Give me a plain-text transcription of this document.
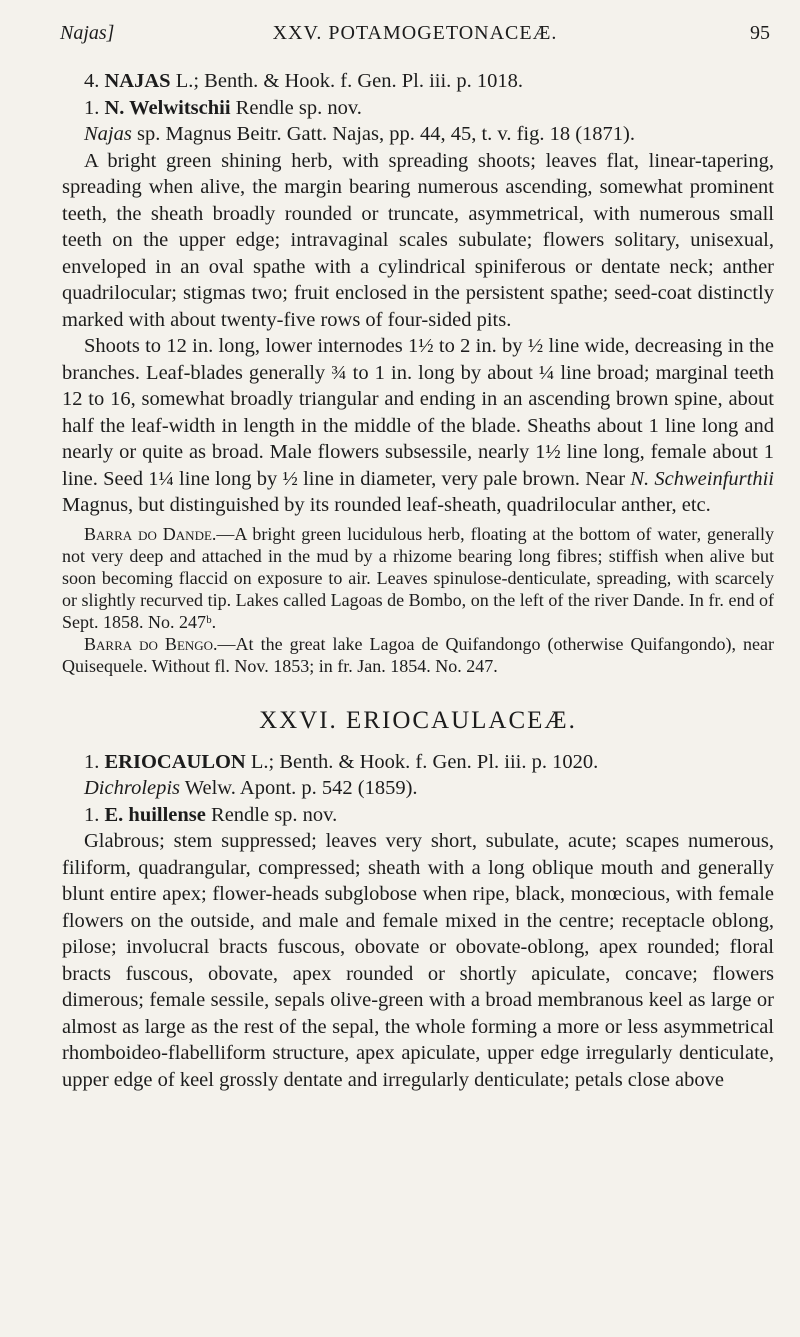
Najas]	XXV. POTAMOGETONACEÆ.	95

4. NAJAS L.; Benth. & Hook. f. Gen. Pl. iii. p. 1018.

1. N. Welwitschii Rendle sp. nov.

Najas sp. Magnus Beitr. Gatt. Najas, pp. 44, 45, t. v. fig. 18 (1871).

A bright green shining herb, with spreading shoots; leaves flat, linear-tapering, spreading when alive, the margin bearing numerous ascending, somewhat prominent teeth, the sheath broadly rounded or truncate, asymmetrical, with numerous small teeth on the upper edge; intravaginal scales subulate; flowers solitary, unisexual, enveloped in an oval spathe with a cylindrical spiniferous or dentate neck; anther quadrilocular; stigmas two; fruit enclosed in the persistent spathe; seed-coat distinctly marked with about twenty-five rows of four-sided pits.

Shoots to 12 in. long, lower internodes 1½ to 2 in. by ½ line wide, decreasing in the branches. Leaf-blades generally ¾ to 1 in. long by about ¼ line broad; marginal teeth 12 to 16, somewhat broadly triangular and ending in an ascending brown spine, about half the leaf-width in length in the middle of the blade. Sheaths about 1 line long and nearly or quite as broad. Male flowers subsessile, nearly 1½ line long, female about 1 line. Seed 1¼ line long by ½ line in diameter, very pale brown. Near N. Schweinfurthii Magnus, but distinguished by its rounded leaf-sheath, quadrilocular anther, etc.

Barra do Dande.—A bright green lucidulous herb, floating at the bottom of water, generally not very deep and attached in the mud by a rhizome bearing long fibres; stiffish when alive but soon becoming flaccid on exposure to air. Leaves spinulose-denticulate, spreading, with scarcely or slightly recurved tip. Lakes called Lagoas de Bombo, on the left of the river Dande. In fr. end of Sept. 1858. No. 247ᵇ.

Barra do Bengo.—At the great lake Lagoa de Quifandongo (otherwise Quifangondo), near Quisequele. Without fl. Nov. 1853; in fr. Jan. 1854. No. 247.

XXVI. ERIOCAULACEÆ.

1. ERIOCAULON L.; Benth. & Hook. f. Gen. Pl. iii. p. 1020.

Dichrolepis Welw. Apont. p. 542 (1859).

1. E. huillense Rendle sp. nov.

Glabrous; stem suppressed; leaves very short, subulate, acute; scapes numerous, filiform, quadrangular, compressed; sheath with a long oblique mouth and generally blunt entire apex; flower-heads subglobose when ripe, black, monœcious, with female flowers on the outside, and male and female mixed in the centre; receptacle oblong, pilose; involucral bracts fuscous, obovate or obovate-oblong, apex rounded; floral bracts fuscous, obovate, apex rounded or shortly apiculate, concave; flowers dimerous; female sessile, sepals olive-green with a broad membranous keel as large or almost as large as the rest of the sepal, the whole forming a more or less asymmetrical rhomboideo-flabelliform structure, apex apiculate, upper edge irregularly denticulate, upper edge of keel grossly dentate and irregularly denticulate; petals close above
